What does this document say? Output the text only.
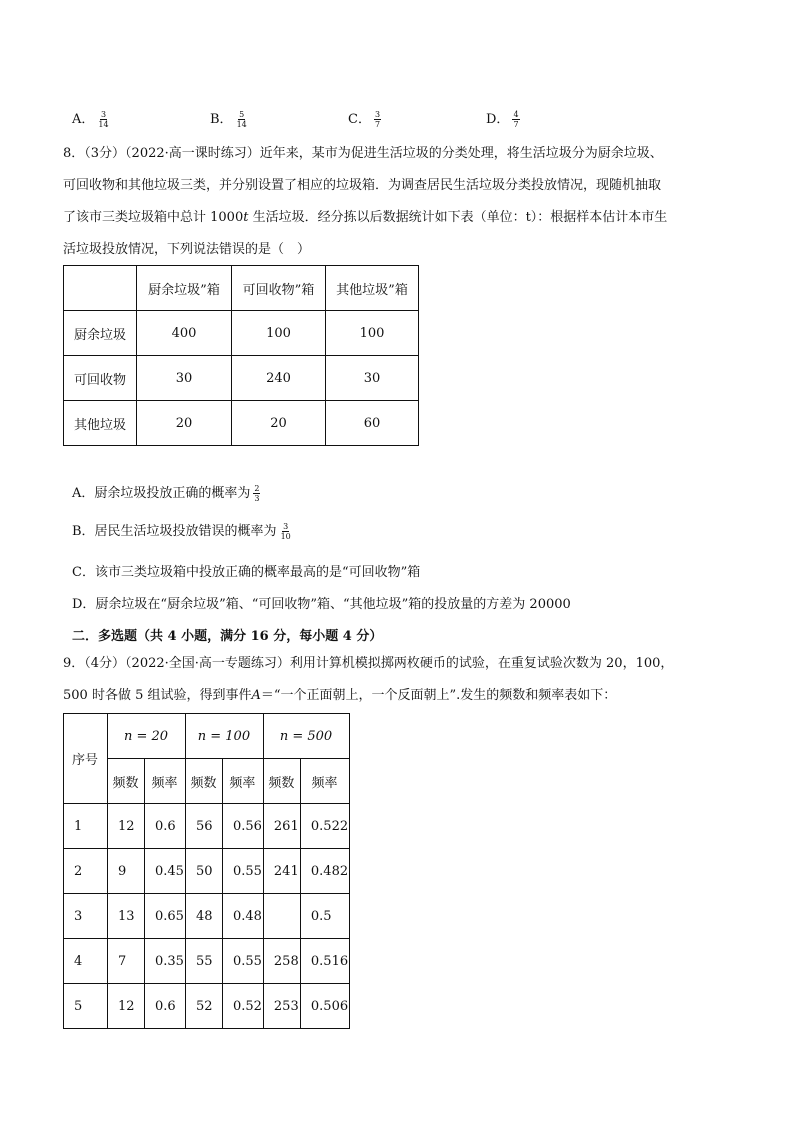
A． $\frac{3}{14}$	B． $\frac{5}{14}$	C． $\frac{3}{7}$	D． $\frac{4}{7}$
8．（3分）（2022·高一课时练习）近年来，某市为促进生活垃圾的分类处理，将生活垃圾分为厨余垃圾、
可回收物和其他垃圾三类，并分别设置了相应的垃圾箱．为调查居民生活垃圾分类投放情况，现随机抽取
了该市三类垃圾箱中总计 1000t 生活垃圾．经分拣以后数据统计如下表（单位：t）：根据样本估计本市生
活垃圾投放情况，下列说法错误的是（　）
	厨余垃圾”箱	可回收物”箱	其他垃圾”箱
厨余垃圾	400	100	100
可回收物	30	240	30
其他垃圾	20	20	60
A．厨余垃圾投放正确的概率为 $\frac{2}{3}$
B．居民生活垃圾投放错误的概率为 $\frac{3}{10}$
C．该市三类垃圾箱中投放正确的概率最高的是“可回收物”箱
D．厨余垃圾在“厨余垃圾”箱、“可回收物”箱、“其他垃圾”箱的投放量的方差为 20000
二．多选题（共 4 小题，满分 16 分，每小题 4 分）
9．（4分）（2022·全国·高一专题练习）利用计算机模拟掷两枚硬币的试验，在重复试验次数为 20，100，
500 时各做 5 组试验，得到事件A＝“一个正面朝上，一个反面朝上”.发生的频数和频率表如下：
序号	n = 20		n = 100		n = 500	
	频数	频率	频数	频率	频数	频率
1	12	0.6	56	0.56	261	0.522
2	9	0.45	50	0.55	241	0.482
3	13	0.65	48	0.48		0.5
4	7	0.35	55	0.55	258	0.516
5	12	0.6	52	0.52	253	0.506
